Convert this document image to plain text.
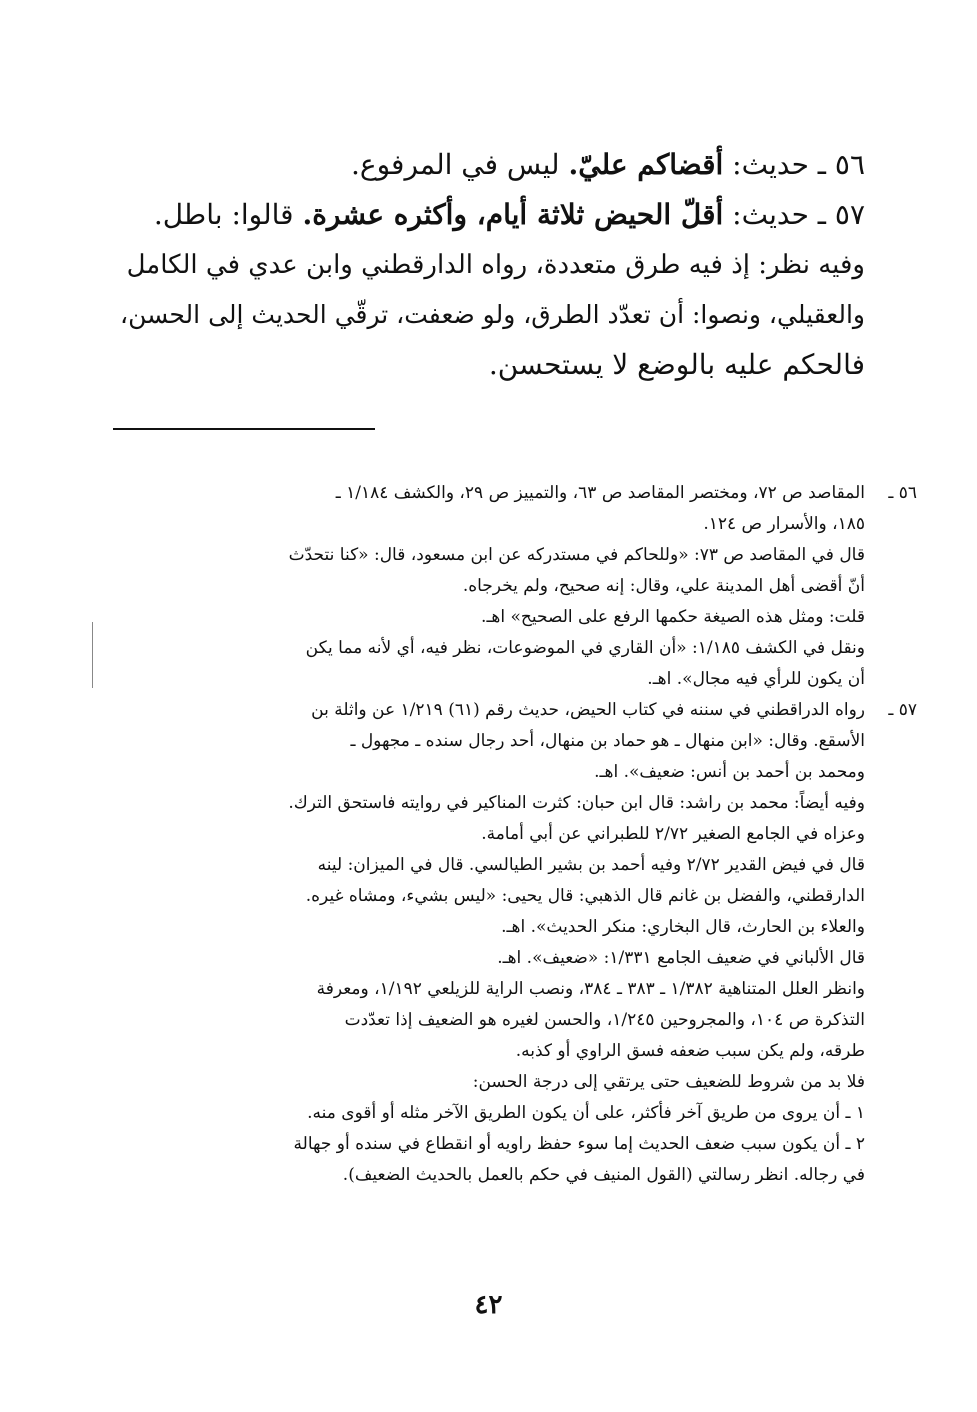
٥٦ ـ حديث: أقضاكم عليّ. ليس في المرفوع.
٥٧ ـ حديث: أقلّ الحيض ثلاثة أيام، وأكثره عشرة. قالوا: باطل.
وفيه نظر: إذ فيه طرق متعددة، رواه الدارقطني وابن عدي في الكامل
والعقيلي، ونصوا: أن تعدّد الطرق، ولو ضعفت، ترقّي الحديث إلى الحسن،
فالحكم عليه بالوضع لا يستحسن.
٥٦ ـ
المقاصد ص ٧٢، ومختصر المقاصد ص ٦٣، والتمييز ص ٢٩، والكشف ١/١٨٤ ـ
١٨٥، والأسرار ص ١٢٤.
قال في المقاصد ص ٧٣: «وللحاكم في مستدركه عن ابن مسعود، قال: «كنا نتحدّث
أنّ أقضى أهل المدينة علي، وقال: إنه صحيح، ولم يخرجاه.
قلت: ومثل هذه الصيغة حكمها الرفع على الصحيح» اهـ.
ونقل في الكشف ١/١٨٥: «أن القاري في الموضوعات، نظر فيه، أي لأنه مما يكن
أن يكون للرأي فيه مجال». اهـ.
٥٧ ـ
رواه الدراقطني في سننه في كتاب الحيض، حديث رقم (٦١) ١/٢١٩ عن واثلة بن
الأسقع. وقال: «ابن منهال ـ هو حماد بن منهال، أحد رجال سنده ـ مجهول ـ
ومحمد بن أحمد بن أنس: ضعيف». اهـ.
وفيه أيضاً: محمد بن راشد: قال ابن حبان: كثرت المناكير في روايته فاستحق الترك.
وعزاه في الجامع الصغير ٢/٧٢ للطبراني عن أبي أمامة.
قال في فيض القدير ٢/٧٢ وفيه أحمد بن بشير الطيالسي. قال في الميزان: لينه
الدارقطني، والفضل بن غانم قال الذهبي: قال يحيى: «ليس بشيء، ومشاه غيره.
والعلاء بن الحارث، قال البخاري: منكر الحديث». اهـ.
قال الألباني في ضعيف الجامع ١/٣٣١: «ضعيف». اهـ.
وانظر العلل المتناهية ١/٣٨٢ ـ ٣٨٣ ـ ٣٨٤، ونصب الراية للزيلعي ١/١٩٢، ومعرفة
التذكرة ص ١٠٤، والمجروحين ١/٢٤٥، والحسن لغيره هو الضعيف إذا تعدّدت
طرقه، ولم يكن سبب ضعفه فسق الراوي أو كذبه.
فلا بد من شروط للضعيف حتى يرتقي إلى درجة الحسن:
١ ـ أن يروى من طريق آخر فأكثر، على أن يكون الطريق الآخر مثله أو أقوى منه.
٢ ـ أن يكون سبب ضعف الحديث إما سوء حفظ راويه أو انقطاع في سنده أو جهالة
في رجاله. انظر رسالتي (القول المنيف في حكم بالعمل بالحديث الضعيف).
٤٢
